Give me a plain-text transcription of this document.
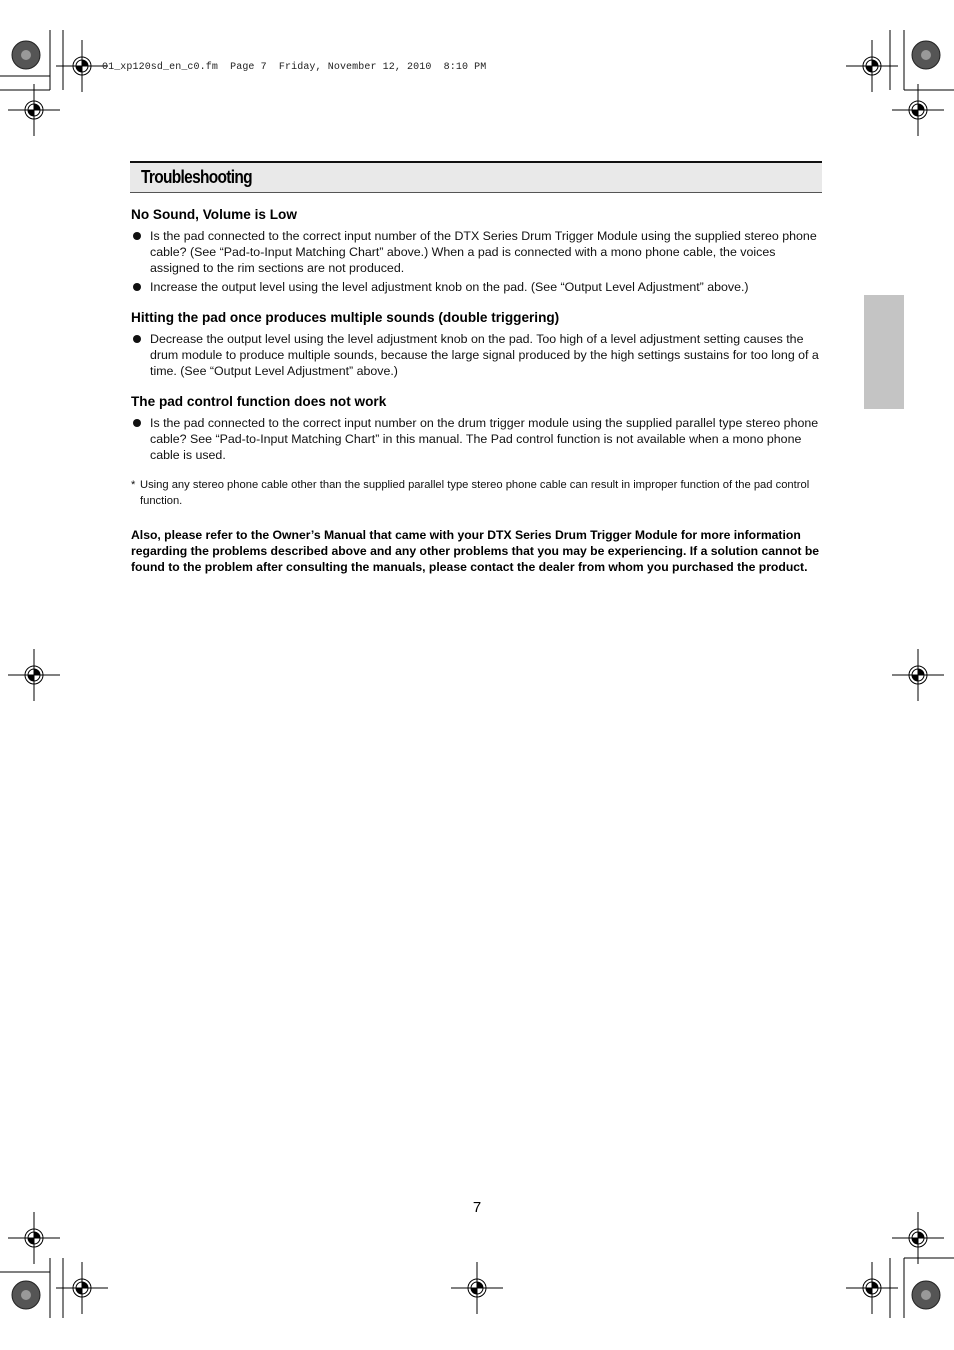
01_xp120sd_en_c0.fm  Page 7  Friday, November 12, 2010  8:10 PM
Troubleshooting
No Sound, Volume is Low
Is the pad connected to the correct input number of the DTX Series Drum Trigger Module using the supplied stereo phone cable? (See “Pad-to-Input Matching Chart” above.) When a pad is connected with a mono phone cable, the voices assigned to the rim sections are not produced.
Increase the output level using the level adjustment knob on the pad. (See “Output Level Adjustment” above.)
Hitting the pad once produces multiple sounds (double triggering)
Decrease the output level using the level adjustment knob on the pad. Too high of a level adjustment setting causes the drum module to produce multiple sounds, because the large signal produced by the high settings sustains for too long of a time. (See “Output Level Adjustment” above.)
The pad control function does not work
Is the pad connected to the correct input number on the drum trigger module using the supplied parallel type stereo phone cable? See “Pad-to-Input Matching Chart” in this manual. The Pad control function is not available when a mono phone cable is used.
* Using any stereo phone cable other than the supplied parallel type stereo phone cable can result in improper function of the pad control function.
Also, please refer to the Owner’s Manual that came with your DTX Series Drum Trigger Module for more information regarding the problems described above and any other problems that you may be experiencing. If a solution cannot be found to the problem after consulting the manuals, please contact the dealer from whom you purchased the product.
7
